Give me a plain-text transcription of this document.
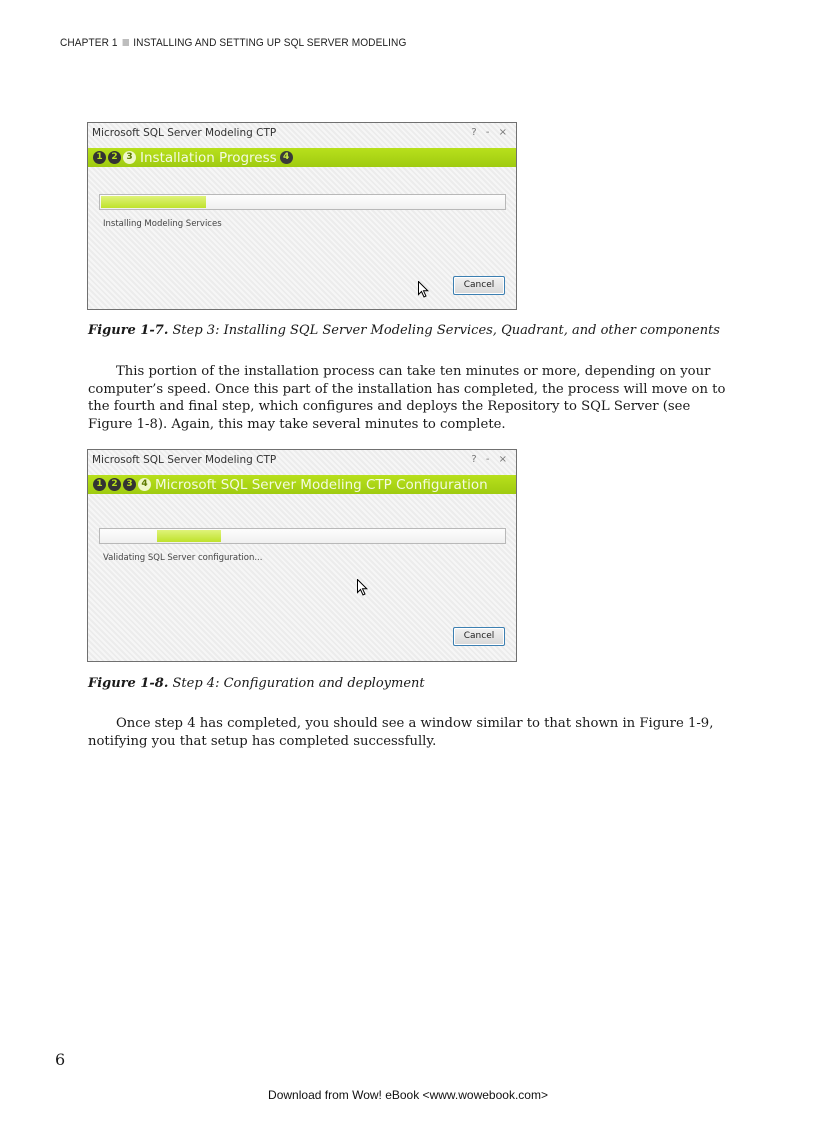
CHAPTER 1 INSTALLING AND SETTING UP SQL SERVER MODELING
Microsoft SQL Server Modeling CTP	? - ×
1 2 3 Installation Progress 4
Installing Modeling Services
Cancel
Figure 1-7. Step 3: Installing SQL Server Modeling Services, Quadrant, and other components

This portion of the installation process can take ten minutes or more, depending on your computer’s speed. Once this part of the installation has completed, the process will move on to the fourth and final step, which configures and deploys the Repository to SQL Server (see Figure 1-8). Again, this may take several minutes to complete.

Microsoft SQL Server Modeling CTP	? - ×
1 2 3 4 Microsoft SQL Server Modeling CTP Configuration
Validating SQL Server configuration...
Cancel
Figure 1-8. Step 4: Configuration and deployment

Once step 4 has completed, you should see a window similar to that shown in Figure 1-9, notifying you that setup has completed successfully.

6
Download from Wow! eBook <www.wowebook.com>
